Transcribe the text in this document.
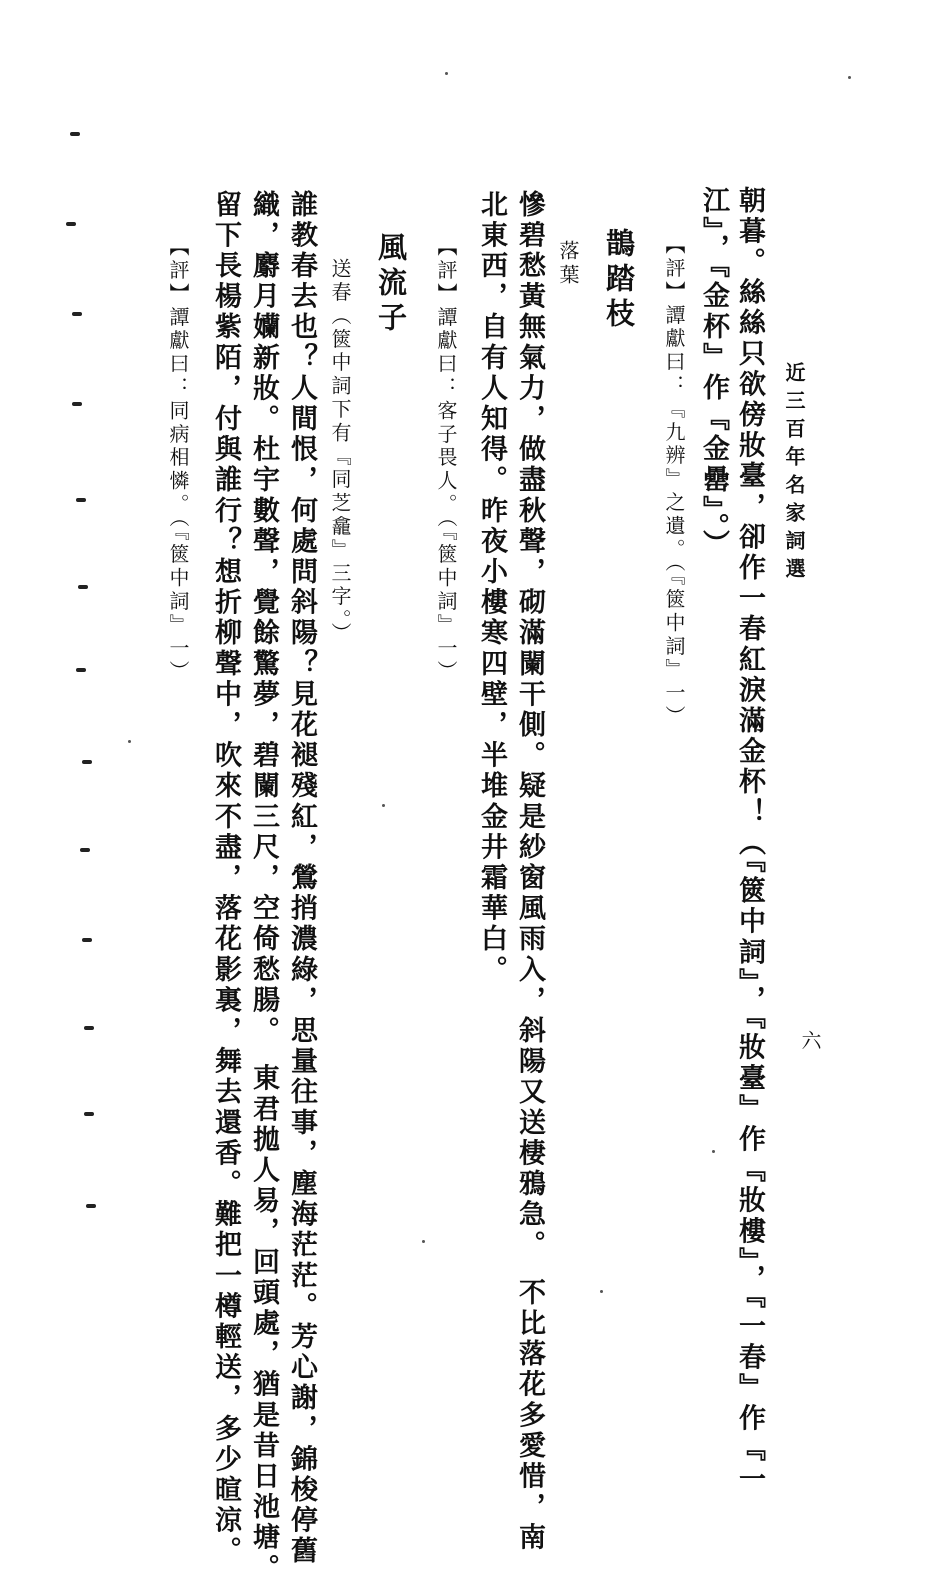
近三百年名家詞選
六
朝暮。絲絲只欲傍妝臺，卻作一春紅淚滿金杯！（『篋中詞』，『妝臺』作『妝樓』，『一春』作『一
江』，『金杯』作『金罍』。）
【評】譚獻曰：『九辨』之遺。（『篋中詞』一）
鵲踏枝
落葉
慘碧愁黃無氣力，做盡秋聲，砌滿闌干側。疑是紗窗風雨入，斜陽又送棲鴉急。　不比落花多愛惜，南
北東西，自有人知得。昨夜小樓寒四壁，半堆金井霜華白。
【評】譚獻曰：客子畏人。（『篋中詞』一）
風流子
送春（篋中詞下有『同芝龕』三字。）
誰教春去也？人間恨，何處問斜陽？見花褪殘紅，鶯捎濃綠，思量往事，塵海茫茫。芳心謝，錦梭停舊
織，麝月孏新妝。杜宇數聲，覺餘驚夢，碧闌三尺，空倚愁腸。　東君拋人易，回頭處，猶是昔日池塘。
留下長楊紫陌，付與誰行？想折柳聲中，吹來不盡，落花影裏，舞去還香。難把一樽輕送，多少暄涼。
【評】譚獻曰：同病相憐。（『篋中詞』一）
